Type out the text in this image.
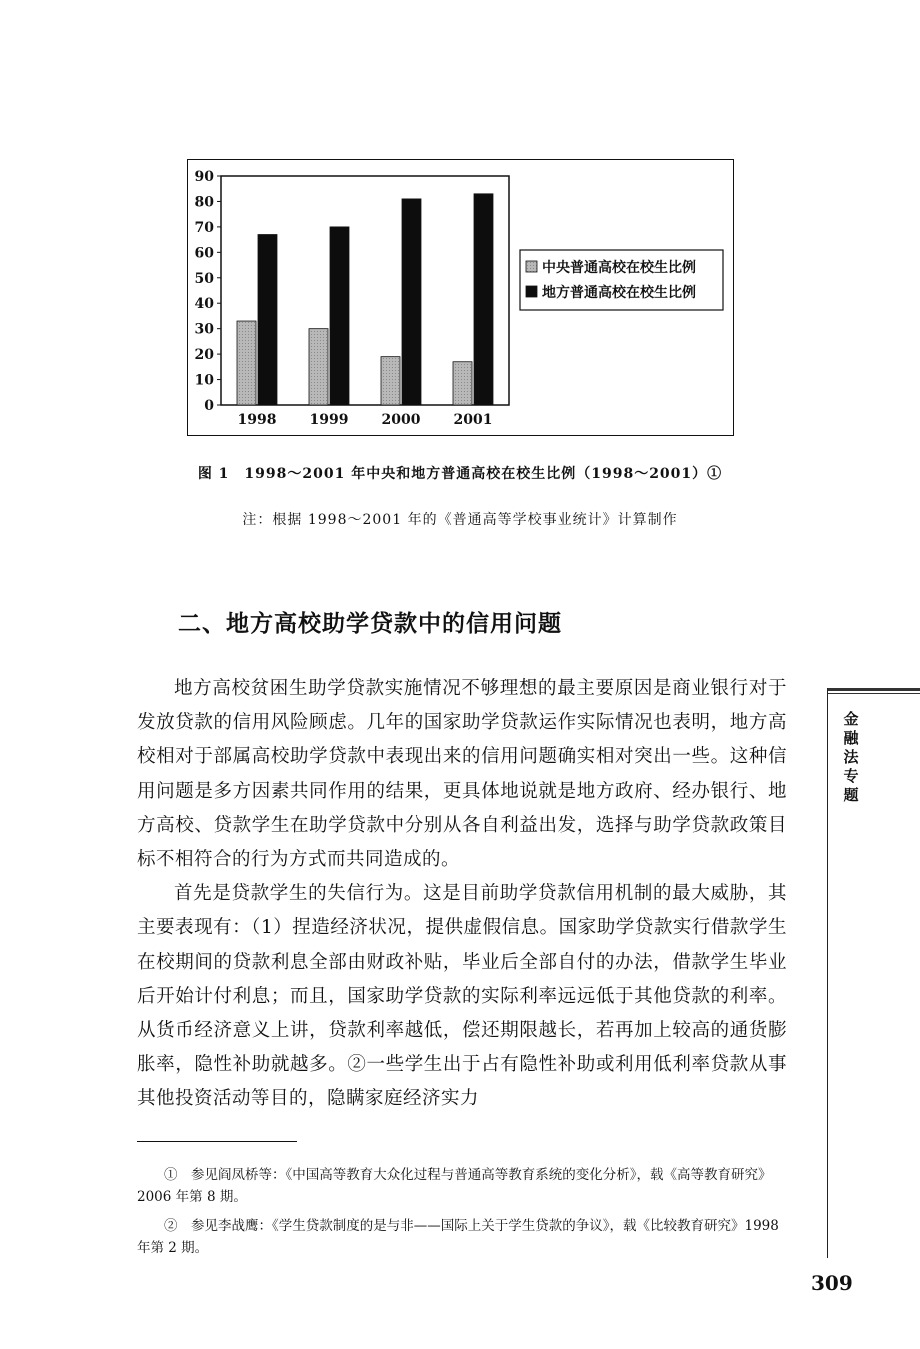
0
10
20
30
40
50
60
70
80
90
1998 1999 2000 2001
中央普通高校在校生比例
地方普通高校在校生比例
图 1　1998～2001 年中央和地方普通高校在校生比例（1998～2001）①
注：根据 1998～2001 年的《普通高等学校事业统计》计算制作
二、地方高校助学贷款中的信用问题

地方高校贫困生助学贷款实施情况不够理想的最主要原因是商业银行对于发放贷款的信用风险顾虑。几年的国家助学贷款运作实际情况也表明，地方高校相对于部属高校助学贷款中表现出来的信用问题确实相对突出一些。这种信用问题是多方因素共同作用的结果，更具体地说就是地方政府、经办银行、地方高校、贷款学生在助学贷款中分别从各自利益出发，选择与助学贷款政策目标不相符合的行为方式而共同造成的。

首先是贷款学生的失信行为。这是目前助学贷款信用机制的最大威胁，其主要表现有：（1）捏造经济状况，提供虚假信息。国家助学贷款实行借款学生在校期间的贷款利息全部由财政补贴，毕业后全部自付的办法，借款学生毕业后开始计付利息；而且，国家助学贷款的实际利率远远低于其他贷款的利率。从货币经济意义上讲，贷款利率越低，偿还期限越长，若再加上较高的通货膨胀率，隐性补助就越多。②一些学生出于占有隐性补助或利用低利率贷款从事其他投资活动等目的，隐瞒家庭经济实力

①　参见阎凤桥等：《中国高等教育大众化过程与普通高等教育系统的变化分析》，载《高等教育研究》2006 年第 8 期。

②　参见李战鹰：《学生贷款制度的是与非——国际上关于学生贷款的争议》，载《比较教育研究》1998 年第 2 期。

金融法专题
309
